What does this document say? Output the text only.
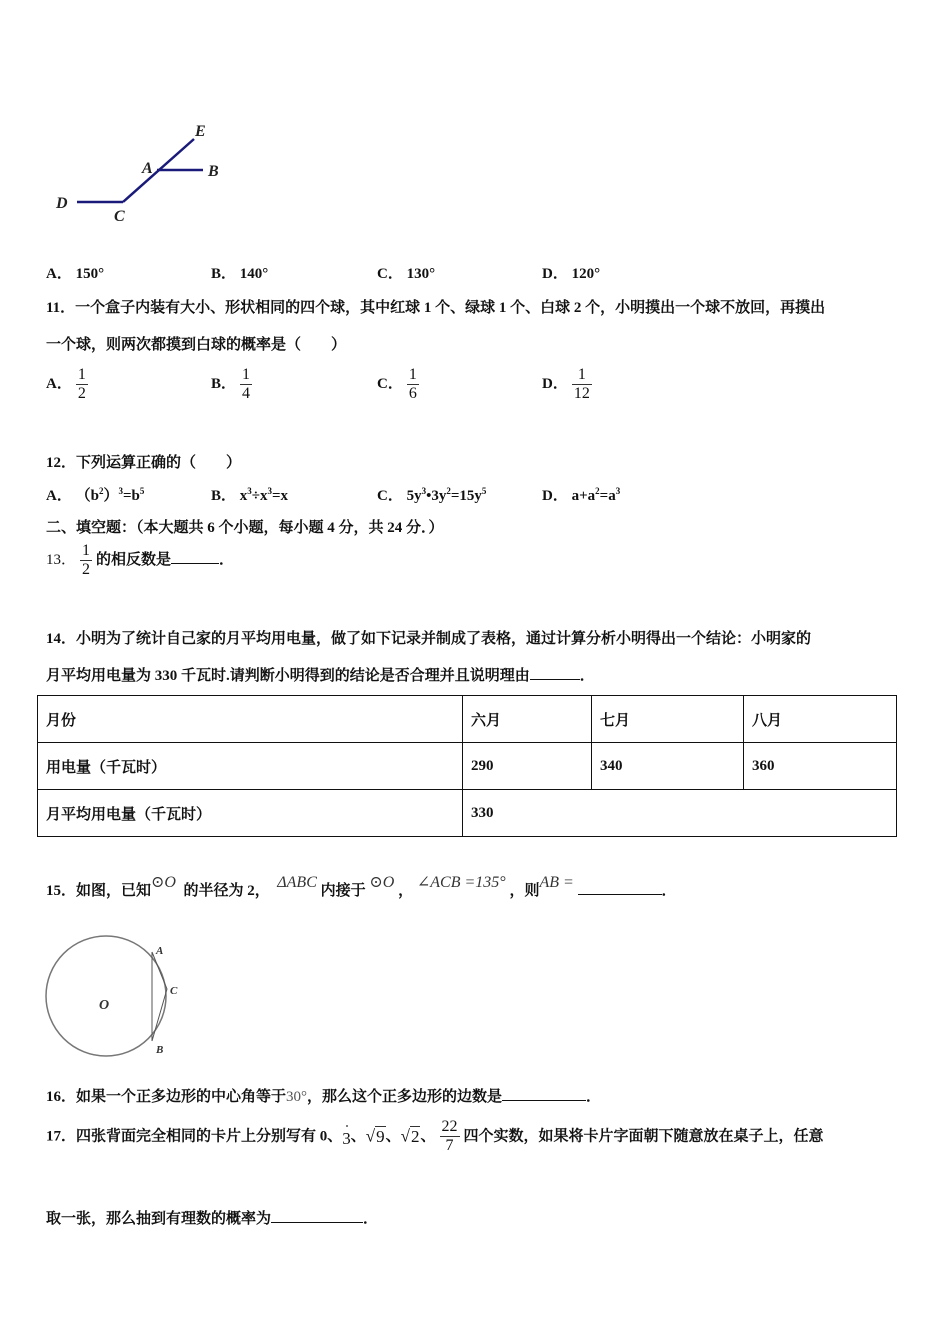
E
A	B
D
C
A． 150°	B． 140°	C． 130°	D． 120°
11．一个盒子内装有大小、形状相同的四个球，其中红球 1 个、绿球 1 个、白球 2 个，小明摸出一个球不放回，再摸出
一个球，则两次都摸到白球的概率是（　　）
A． $\frac{1}{2}$	B． $\frac{1}{4}$	C． $\frac{1}{6}$	D． $\frac{1}{12}$
12．下列运算正确的（　　）
A． $(b^2)^3=b^5$	B． $x^3\div x^3=x$	C． $5y^3•3y^2=15y^5$	D． $a+a^2=a^3$
二、填空题：（本大题共 6 个小题，每小题 4 分，共 24 分．）
13． $\frac{1}{2}$ 的相反数是	．
14．小明为了统计自己家的月平均用电量，做了如下记录并制成了表格，通过计算分析小明得出一个结论：小明家的
月平均用电量为 330 千瓦时.请判断小明得到的结论是否合理并且说明理由	．
月份	六月	七月	八月
用电量（千瓦时）	290	340	360
月平均用电量（千瓦时）	330		
15．如图，已知⊙O 的半径为 2， ΔABC 内接于 ⊙O ， ∠ACB =135° ，则AB =	．
A
C
O
B
16．如果一个正多边形的中心角等于30°，那么这个正多边形的边数是	．
17．四张背面完全相同的卡片上分别写有 0、
3、√9、√2、 $\frac{22}{7}$ 四个实数，如果将卡片字面朝下随意放在桌子上，任意
取一张，那么抽到有理数的概率为	．
